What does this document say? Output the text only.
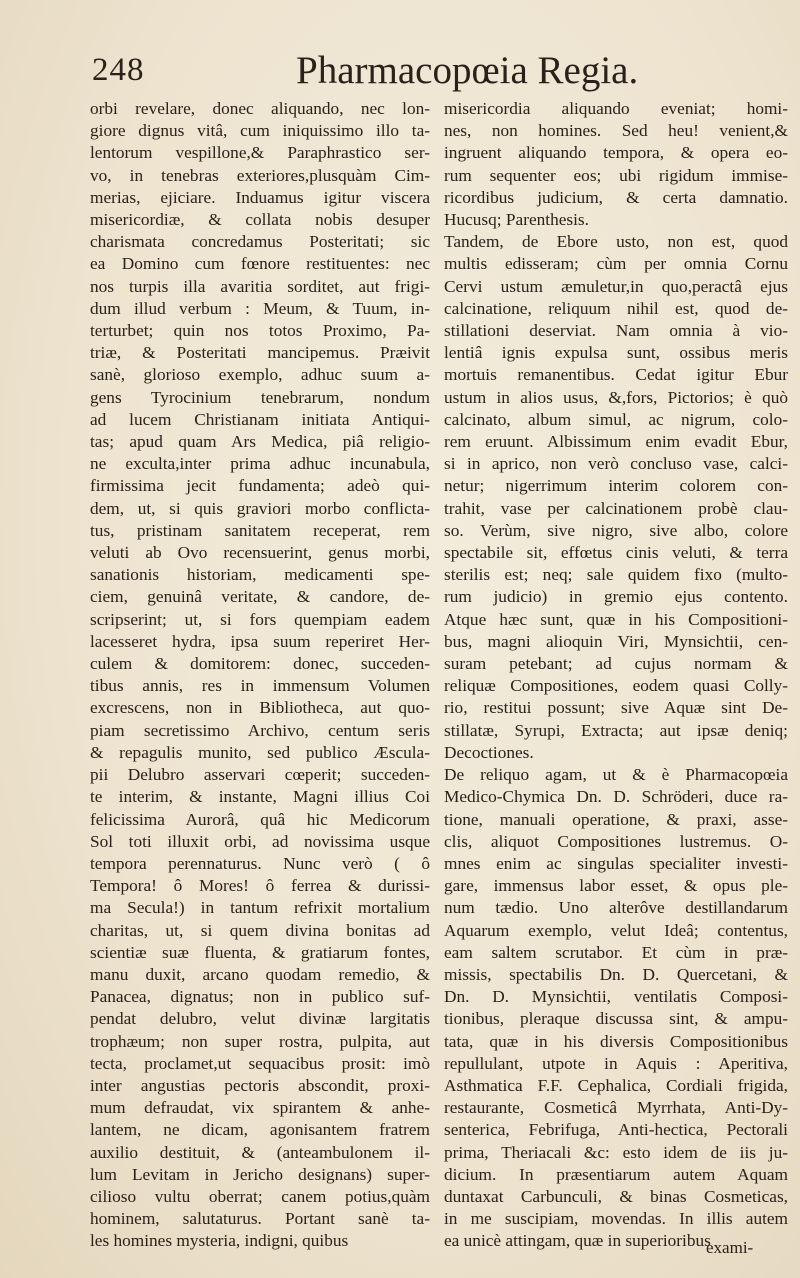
248	Pharmacopœia Regia.
orbi revelare, donec aliquando, nec lon-
giore dignus vitâ, cum iniquissimo illo ta-
lentorum vespillone,& Paraphrastico ser-
vo, in tenebras exteriores,plusquàm Cim-
merias, ejiciare. Induamus igitur viscera
misericordiæ, & collata nobis desuper
charismata concredamus Posteritati; sic
ea Domino cum fœnore restituentes: nec
nos turpis illa avaritia sorditet, aut frigi-
dum illud verbum : Meum, & Tuum, in-
terturbet; quin nos totos Proximo, Pa-
triæ, & Posteritati mancipemus. Præivit
sanè, glorioso exemplo, adhuc suum a-
gens Tyrocinium tenebrarum, nondum
ad lucem Christianam initiata Antiqui-
tas; apud quam Ars Medica, piâ religio-
ne exculta,inter prima adhuc incunabula,
firmissima jecit fundamenta; adeò qui-
dem, ut, si quis graviori morbo conflicta-
tus, pristinam sanitatem receperat, rem
veluti ab Ovo recensuerint, genus morbi,
sanationis historiam, medicamenti spe-
ciem, genuinâ veritate, & candore, de-
scripserint; ut, si fors quempiam eadem
lacesseret hydra, ipsa suum reperiret Her-
culem & domitorem: donec, succeden-
tibus annis, res in immensum Volumen
excrescens, non in Bibliotheca, aut quo-
piam secretissimo Archivo, centum seris
& repagulis munito, sed publico Æscula-
pii Delubro asservari cœperit; succeden-
te interim, & instante, Magni illius Coi
felicissima Aurorâ, quâ hic Medicorum
Sol toti illuxit orbi, ad novissima usque
tempora perennaturus. Nunc verò ( ô
Tempora! ô Mores! ô ferrea & durissi-
ma Secula!) in tantum refrixit mortalium
charitas, ut, si quem divina bonitas ad
scientiæ suæ fluenta, & gratiarum fontes,
manu duxit, arcano quodam remedio, &
Panacea, dignatus; non in publico suf-
pendat delubro, velut divinæ largitatis
trophæum; non super rostra, pulpita, aut
tecta, proclamet,ut sequacibus prosit: imò
inter angustias pectoris abscondit, proxi-
mum defraudat, vix spirantem & anhe-
lantem, ne dicam, agonisantem fratrem
auxilio destituit, & (anteambulonem il-
lum Levitam in Jericho designans) super-
cilioso vultu oberrat; canem potius,quàm
hominem, salutaturus. Portant sanè ta-
les homines mysteria, indigni, quibus
misericordia aliquando eveniat; homi-
nes, non homines. Sed heu! venient,&
ingruent aliquando tempora, & opera eo-
rum sequenter eos; ubi rigidum immise-
ricordibus judicium, & certa damnatio.
Hucusq; Parenthesis.
Tandem, de Ebore usto, non est, quod
multis edisseram; cùm per omnia Cornu
Cervi ustum æmuletur,in quo,peractâ ejus
calcinatione, reliquum nihil est, quod de-
stillationi deserviat. Nam omnia à vio-
lentiâ ignis expulsa sunt, ossibus meris
mortuis remanentibus. Cedat igitur Ebur
ustum in alios usus, &,fors, Pictorios; è quò
calcinato, album simul, ac nigrum, colo-
rem eruunt. Albissimum enim evadit Ebur,
si in aprico, non verò concluso vase, calci-
netur; nigerrimum interim colorem con-
trahit, vase per calcinationem probè clau-
so. Verùm, sive nigro, sive albo, colore
spectabile sit, effœtus cinis veluti, & terra
sterilis est; neq; sale quidem fixo (multo-
rum judicio) in gremio ejus contento.
Atque hæc sunt, quæ in his Compositioni-
bus, magni alioquin Viri, Mynsichtii, cen-
suram petebant; ad cujus normam &
reliquæ Compositiones, eodem quasi Colly-
rio, restitui possunt; sive Aquæ sint De-
stillatæ, Syrupi, Extracta; aut ipsæ deniq;
Decoctiones.
De reliquo agam, ut & è Pharmacopœia
Medico-Chymica Dn. D. Schröderi, duce ra-
tione, manuali operatione, & praxi, asse-
clis, aliquot Compositiones lustremus. O-
mnes enim ac singulas specialiter investi-
gare, immensus labor esset, & opus ple-
num tædio. Uno alterôve destillandarum
Aquarum exemplo, velut Ideâ; contentus,
eam saltem scrutabor. Et cùm in præ-
missis, spectabilis Dn. D. Quercetani, &
Dn. D. Mynsichtii, ventilatis Composi-
tionibus, pleraque discussa sint, & ampu-
tata, quæ in his diversis Compositionibus
repullulant, utpote in Aquis : Aperitiva,
Asthmatica F.F. Cephalica, Cordiali frigida,
restaurante, Cosmeticâ Myrrhata, Anti-Dy-
senterica, Febrifuga, Anti-hectica, Pectorali
prima, Theriacali &c: esto idem de iis ju-
dicium. In præsentiarum autem Aquam
duntaxat Carbunculi, & binas Cosmeticas,
in me suscipiam, movendas. In illis autem
ea unicè attingam, quæ in superioribus
exami-
